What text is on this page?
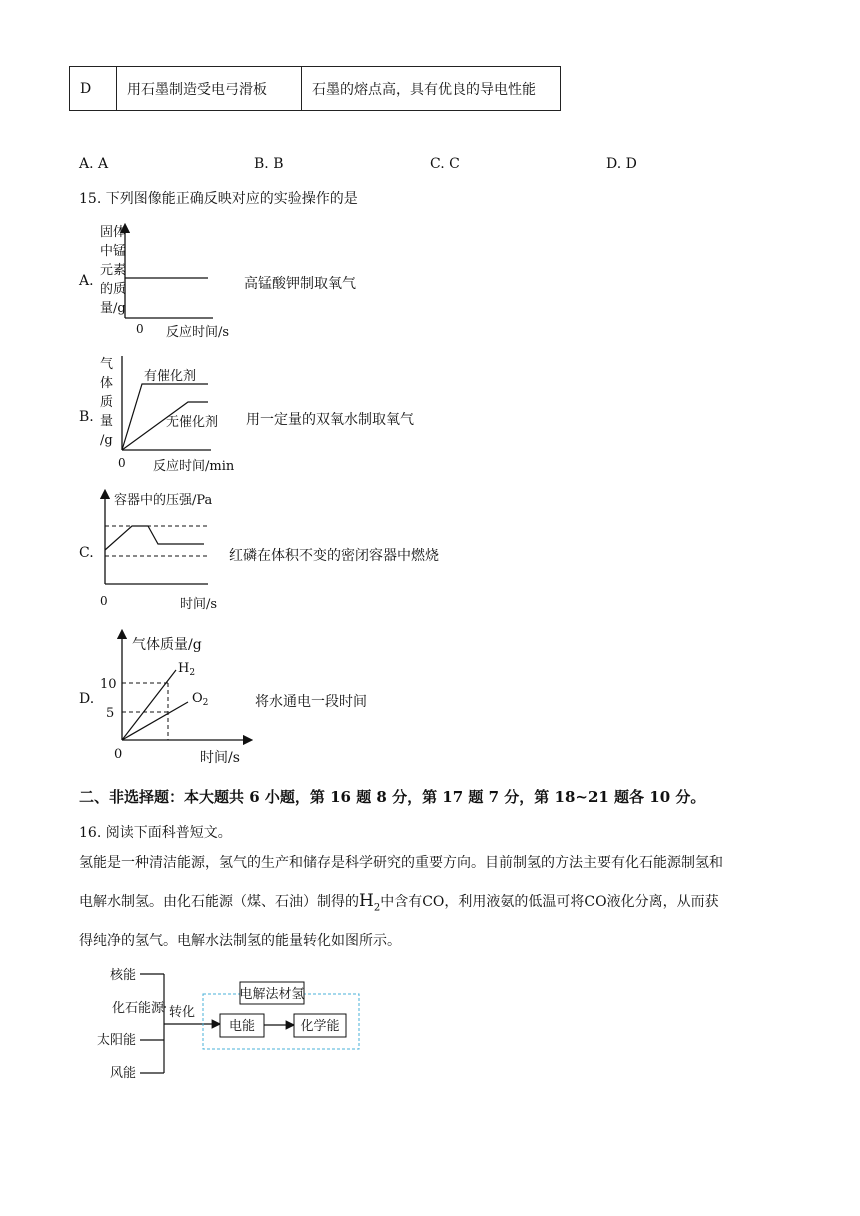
D	用石墨制造受电弓滑板	石墨的熔点高，具有优良的导电性能
A. A	B. B	C. C	D. D
15. 下列图像能正确反映对应的实验操作的是
A.
固体
中锰
元素
的质
量/g
0 反应时间/s
高锰酸钾制取氧气
B.
气
体
质
量
/g
有催化剂
无催化剂
0 反应时间/min
用一定量的双氧水制取氧气
C.
容器中的压强/Pa
0	时间/s
红磷在体积不变的密闭容器中燃烧
D.
气体质量/g
10
5
$H_2$
$O_2$
0	时间/s
将水通电一段时间
二、非选择题：本大题共 6 小题，第 16 题 8 分，第 17 题 7 分，第 18~21 题各 10 分。
16. 阅读下面科普短文。
氢能是一种清洁能源，氢气的生产和储存是科学研究的重要方向。目前制氢的方法主要有化石能源制氢和
电解水制氢。由化石能源（煤、石油）制得的$H_2$中含有CO，利用液氨的低温可将CO液化分离，从而获
得纯净的氢气。电解水法制氢的能量转化如图所示。
核能
化石能源
太阳能
风能
转化
电解法材氢
电能	化学能
